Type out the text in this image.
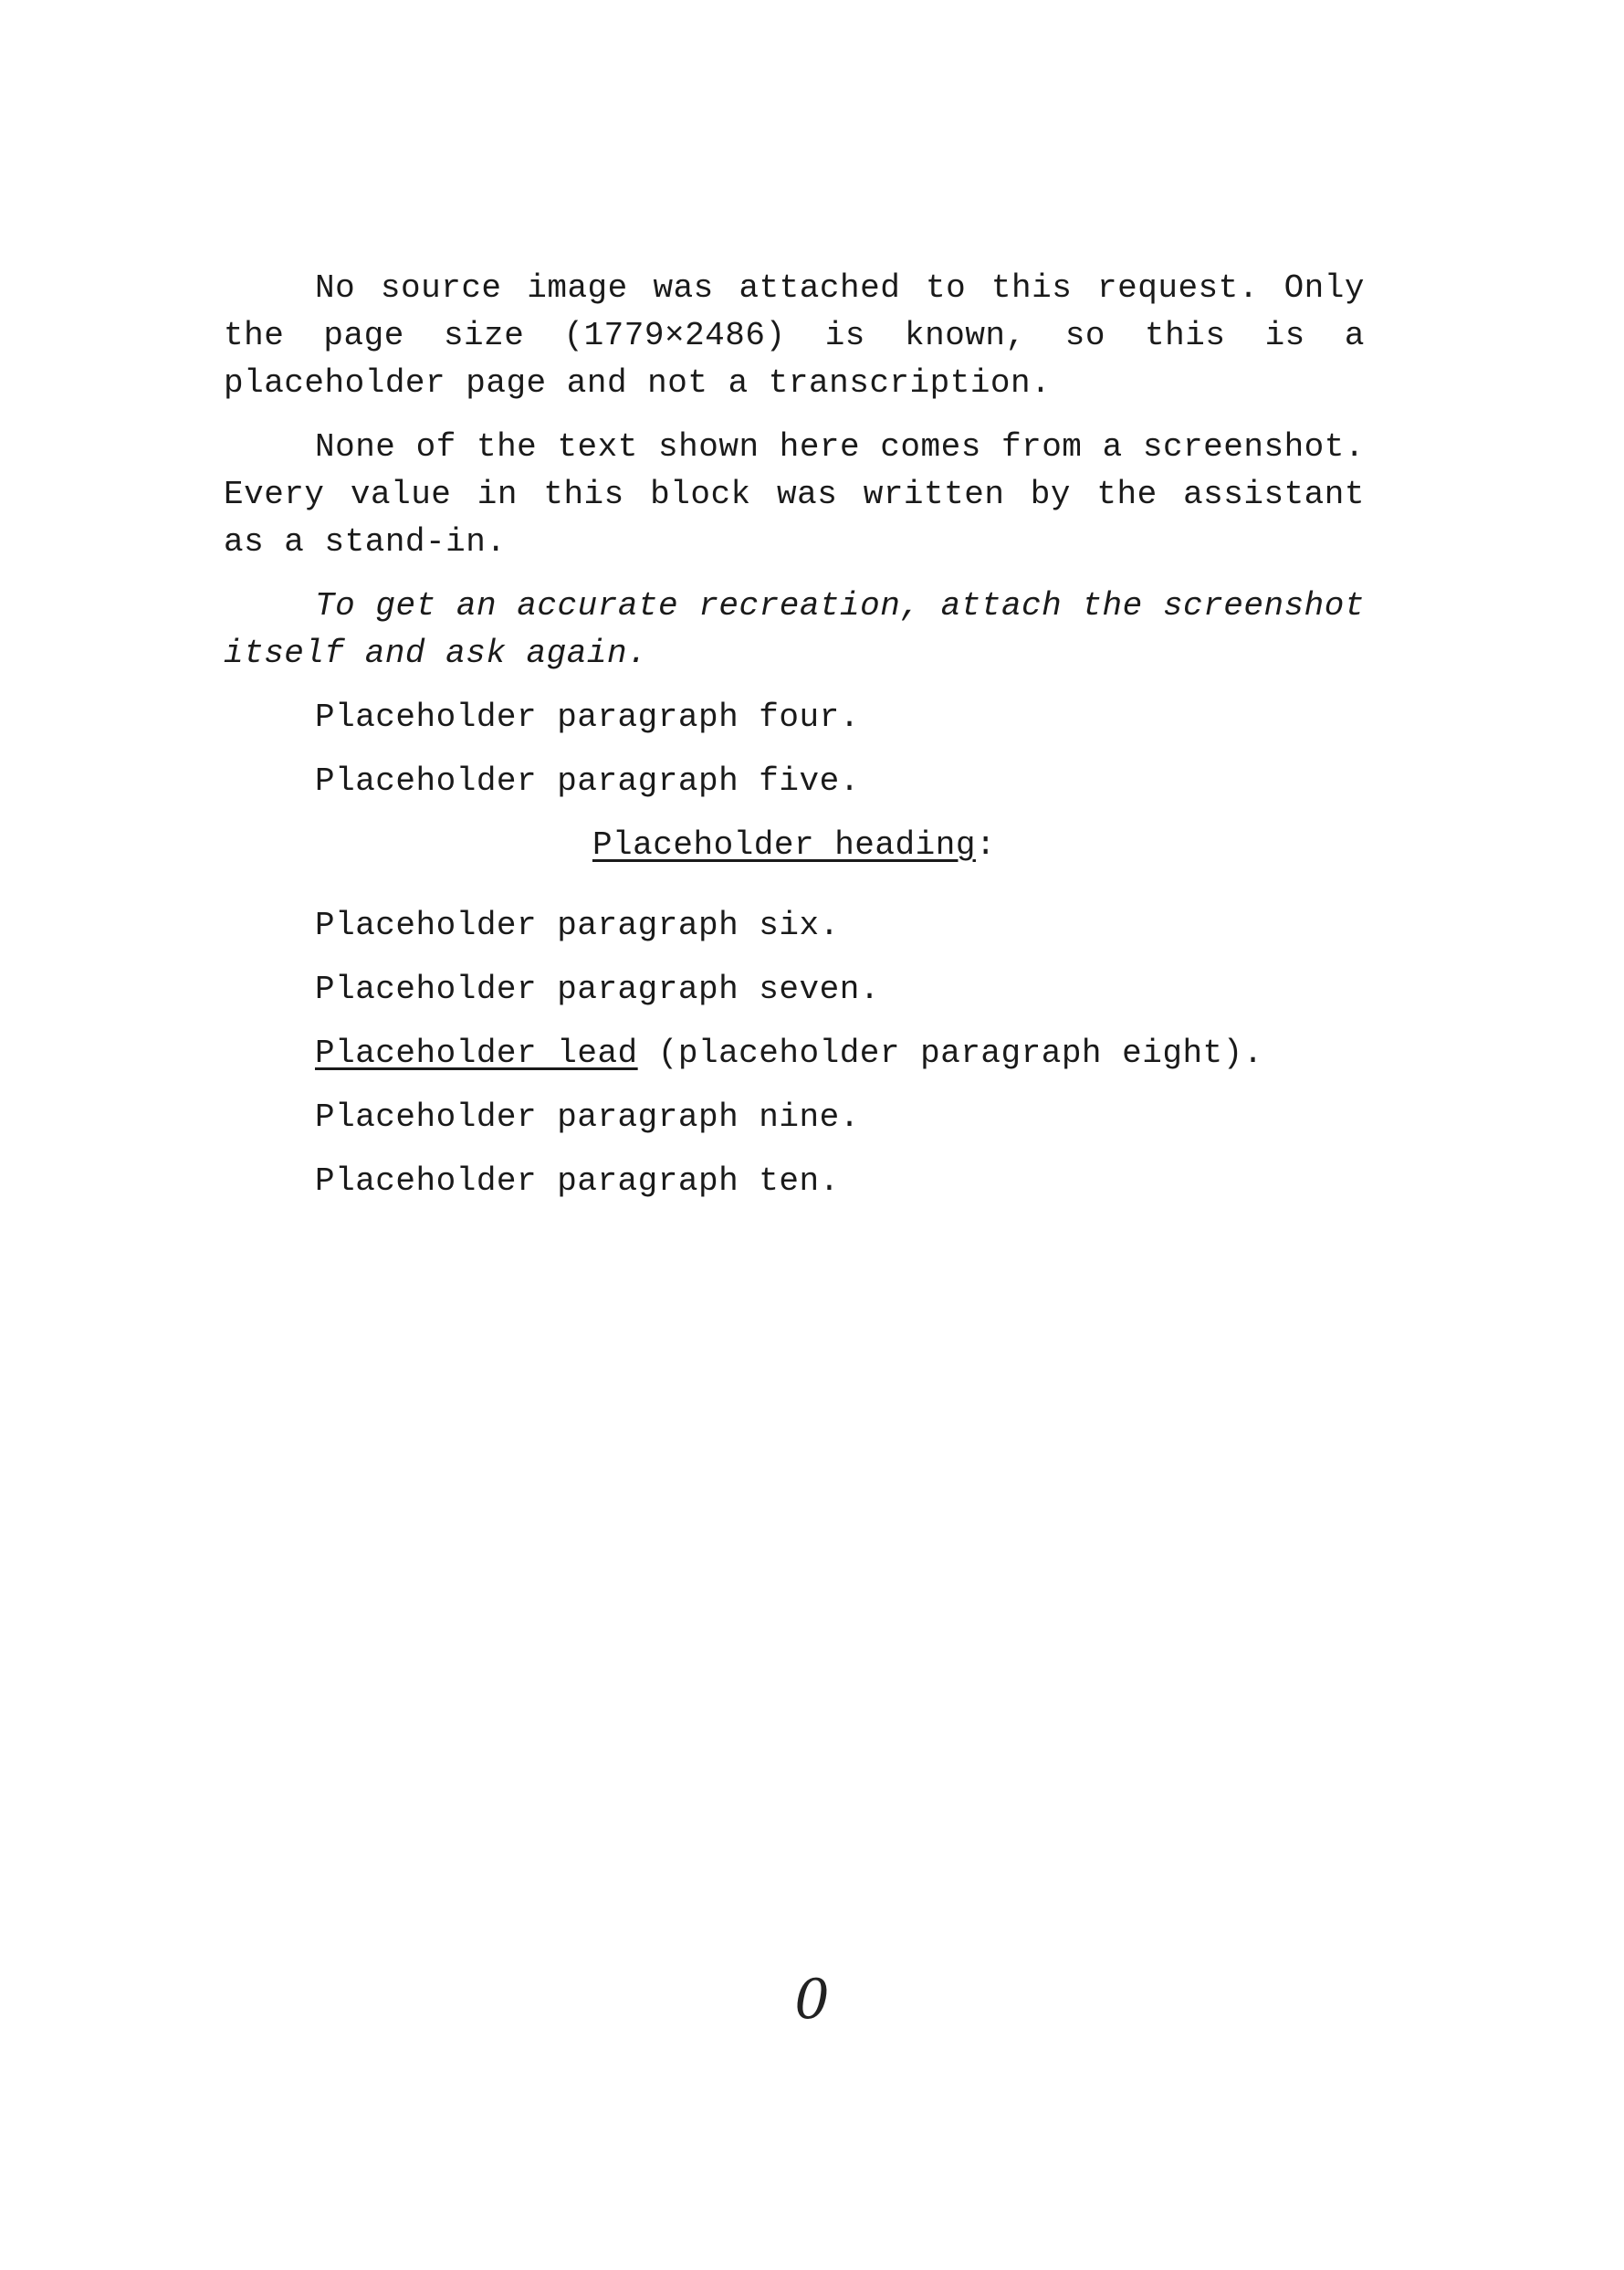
No source image was attached to this request. Only the page size (1779×2486) is known, so this is a placeholder page and not a transcription.

None of the text shown here comes from a screenshot. Every value in this block was written by the assistant as a stand-in.

To get an accurate recreation, attach the screenshot itself and ask again.

Placeholder paragraph four.

Placeholder paragraph five.

Placeholder heading:

Placeholder paragraph six.

Placeholder paragraph seven.

Placeholder lead (placeholder paragraph eight).

Placeholder paragraph nine.

Placeholder paragraph ten.

0
